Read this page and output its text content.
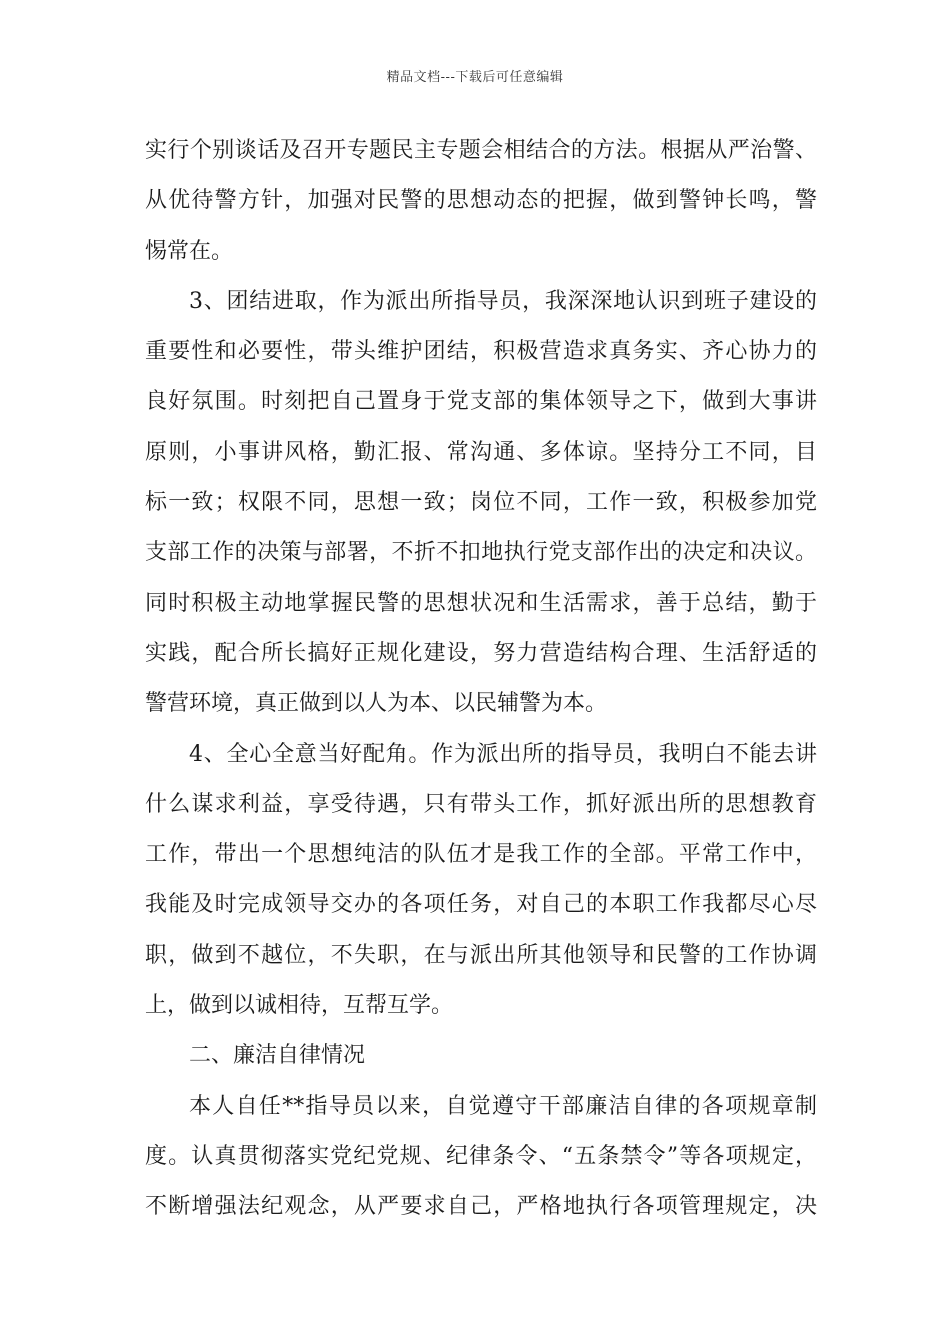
精品文档---下载后可任意编辑
实行个别谈话及召开专题民主专题会相结合的方法。根据从严治警、
从优待警方针，加强对民警的思想动态的把握，做到警钟长鸣，警
惕常在。
3、团结进取，作为派出所指导员，我深深地认识到班子建设的
重要性和必要性，带头维护团结，积极营造求真务实、齐心协力的
良好氛围。时刻把自己置身于党支部的集体领导之下，做到大事讲
原则，小事讲风格，勤汇报、常沟通、多体谅。坚持分工不同，目
标一致；权限不同，思想一致；岗位不同，工作一致，积极参加党
支部工作的决策与部署，不折不扣地执行党支部作出的决定和决议。
同时积极主动地掌握民警的思想状况和生活需求，善于总结，勤于
实践，配合所长搞好正规化建设，努力营造结构合理、生活舒适的
警营环境，真正做到以人为本、以民辅警为本。
4、全心全意当好配角。作为派出所的指导员，我明白不能去讲
什么谋求利益，享受待遇，只有带头工作，抓好派出所的思想教育
工作，带出一个思想纯洁的队伍才是我工作的全部。平常工作中，
我能及时完成领导交办的各项任务，对自己的本职工作我都尽心尽
职，做到不越位，不失职，在与派出所其他领导和民警的工作协调
上，做到以诚相待，互帮互学。
二、廉洁自律情况
本人自任**指导员以来，自觉遵守干部廉洁自律的各项规章制
度。认真贯彻落实党纪党规、纪律条令、“五条禁令”等各项规定，
不断增强法纪观念，从严要求自己，严格地执行各项管理规定，决
